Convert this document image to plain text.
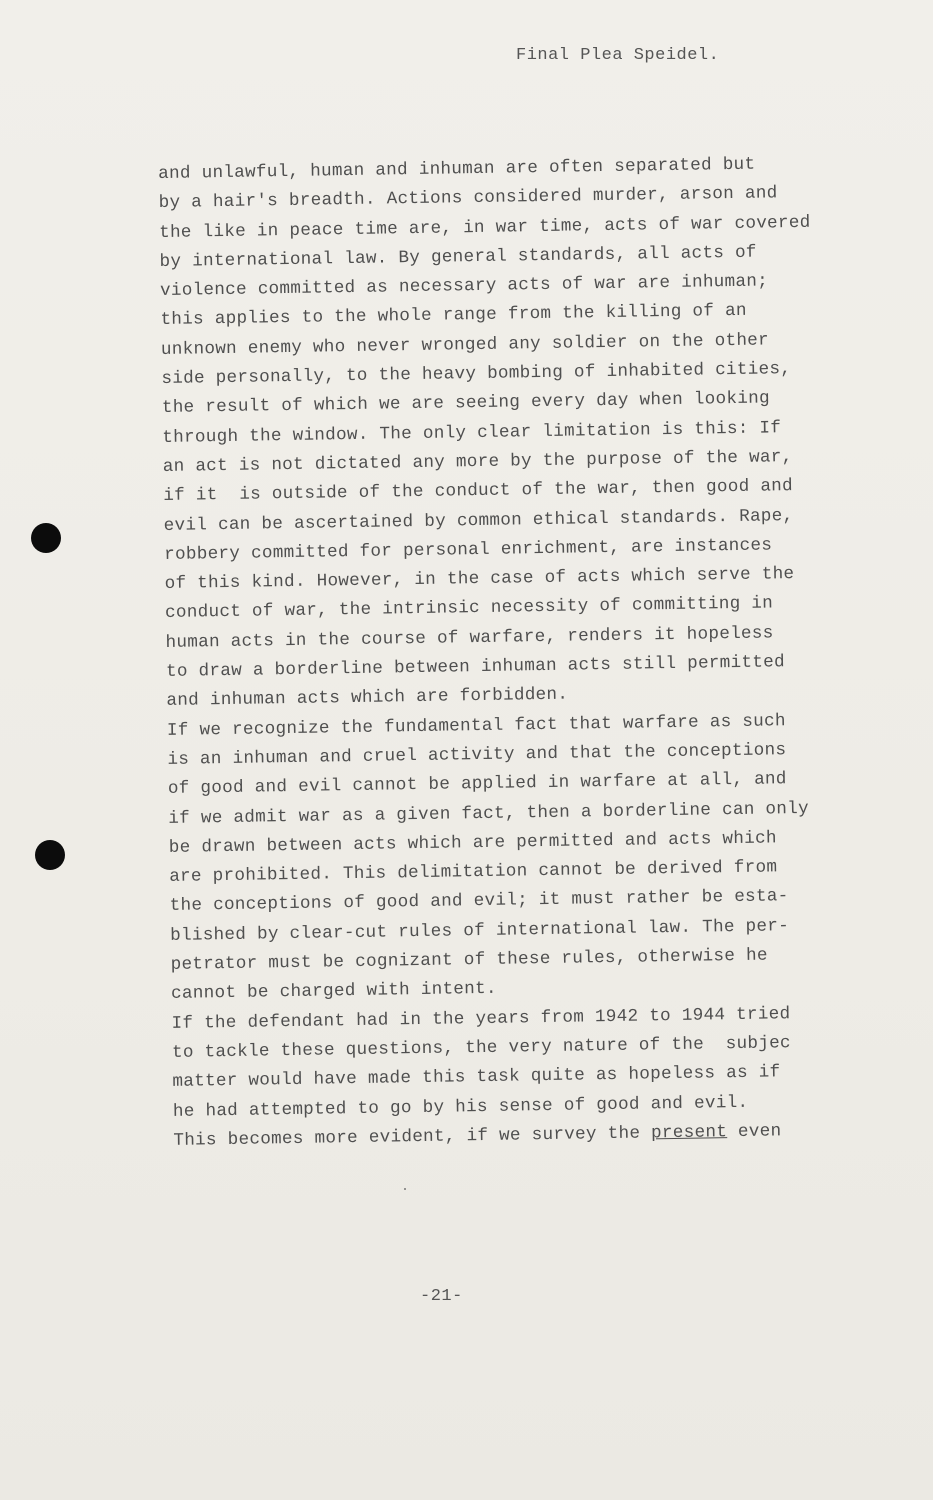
Final Plea Speidel.
and unlawful, human and inhuman are often separated but
by a hair's breadth. Actions considered murder, arson and
the like in peace time are, in war time, acts of war covered
by international law. By general standards, all acts of
violence committed as necessary acts of war are inhuman;
this applies to the whole range from the killing of an
unknown enemy who never wronged any soldier on the other
side personally, to the heavy bombing of inhabited cities,
the result of which we are seeing every day when looking
through the window. The only clear limitation is this: If
an act is not dictated any more by the purpose of the war,
if it  is outside of the conduct of the war, then good and
evil can be ascertained by common ethical standards. Rape,
robbery committed for personal enrichment, are instances
of this kind. However, in the case of acts which serve the
conduct of war, the intrinsic necessity of committing in
human acts in the course of warfare, renders it hopeless
to draw a borderline between inhuman acts still permitted
and inhuman acts which are forbidden.
If we recognize the fundamental fact that warfare as such
is an inhuman and cruel activity and that the conceptions
of good and evil cannot be applied in warfare at all, and
if we admit war as a given fact, then a borderline can only
be drawn between acts which are permitted and acts which
are prohibited. This delimitation cannot be derived from
the conceptions of good and evil; it must rather be esta-
blished by clear-cut rules of international law. The per-
petrator must be cognizant of these rules, otherwise he
cannot be charged with intent.
If the defendant had in the years from 1942 to 1944 tried
to tackle these questions, the very nature of the  subjec
matter would have made this task quite as hopeless as if
he had attempted to go by his sense of good and evil.
This becomes more evident, if we survey the present even
-21-
